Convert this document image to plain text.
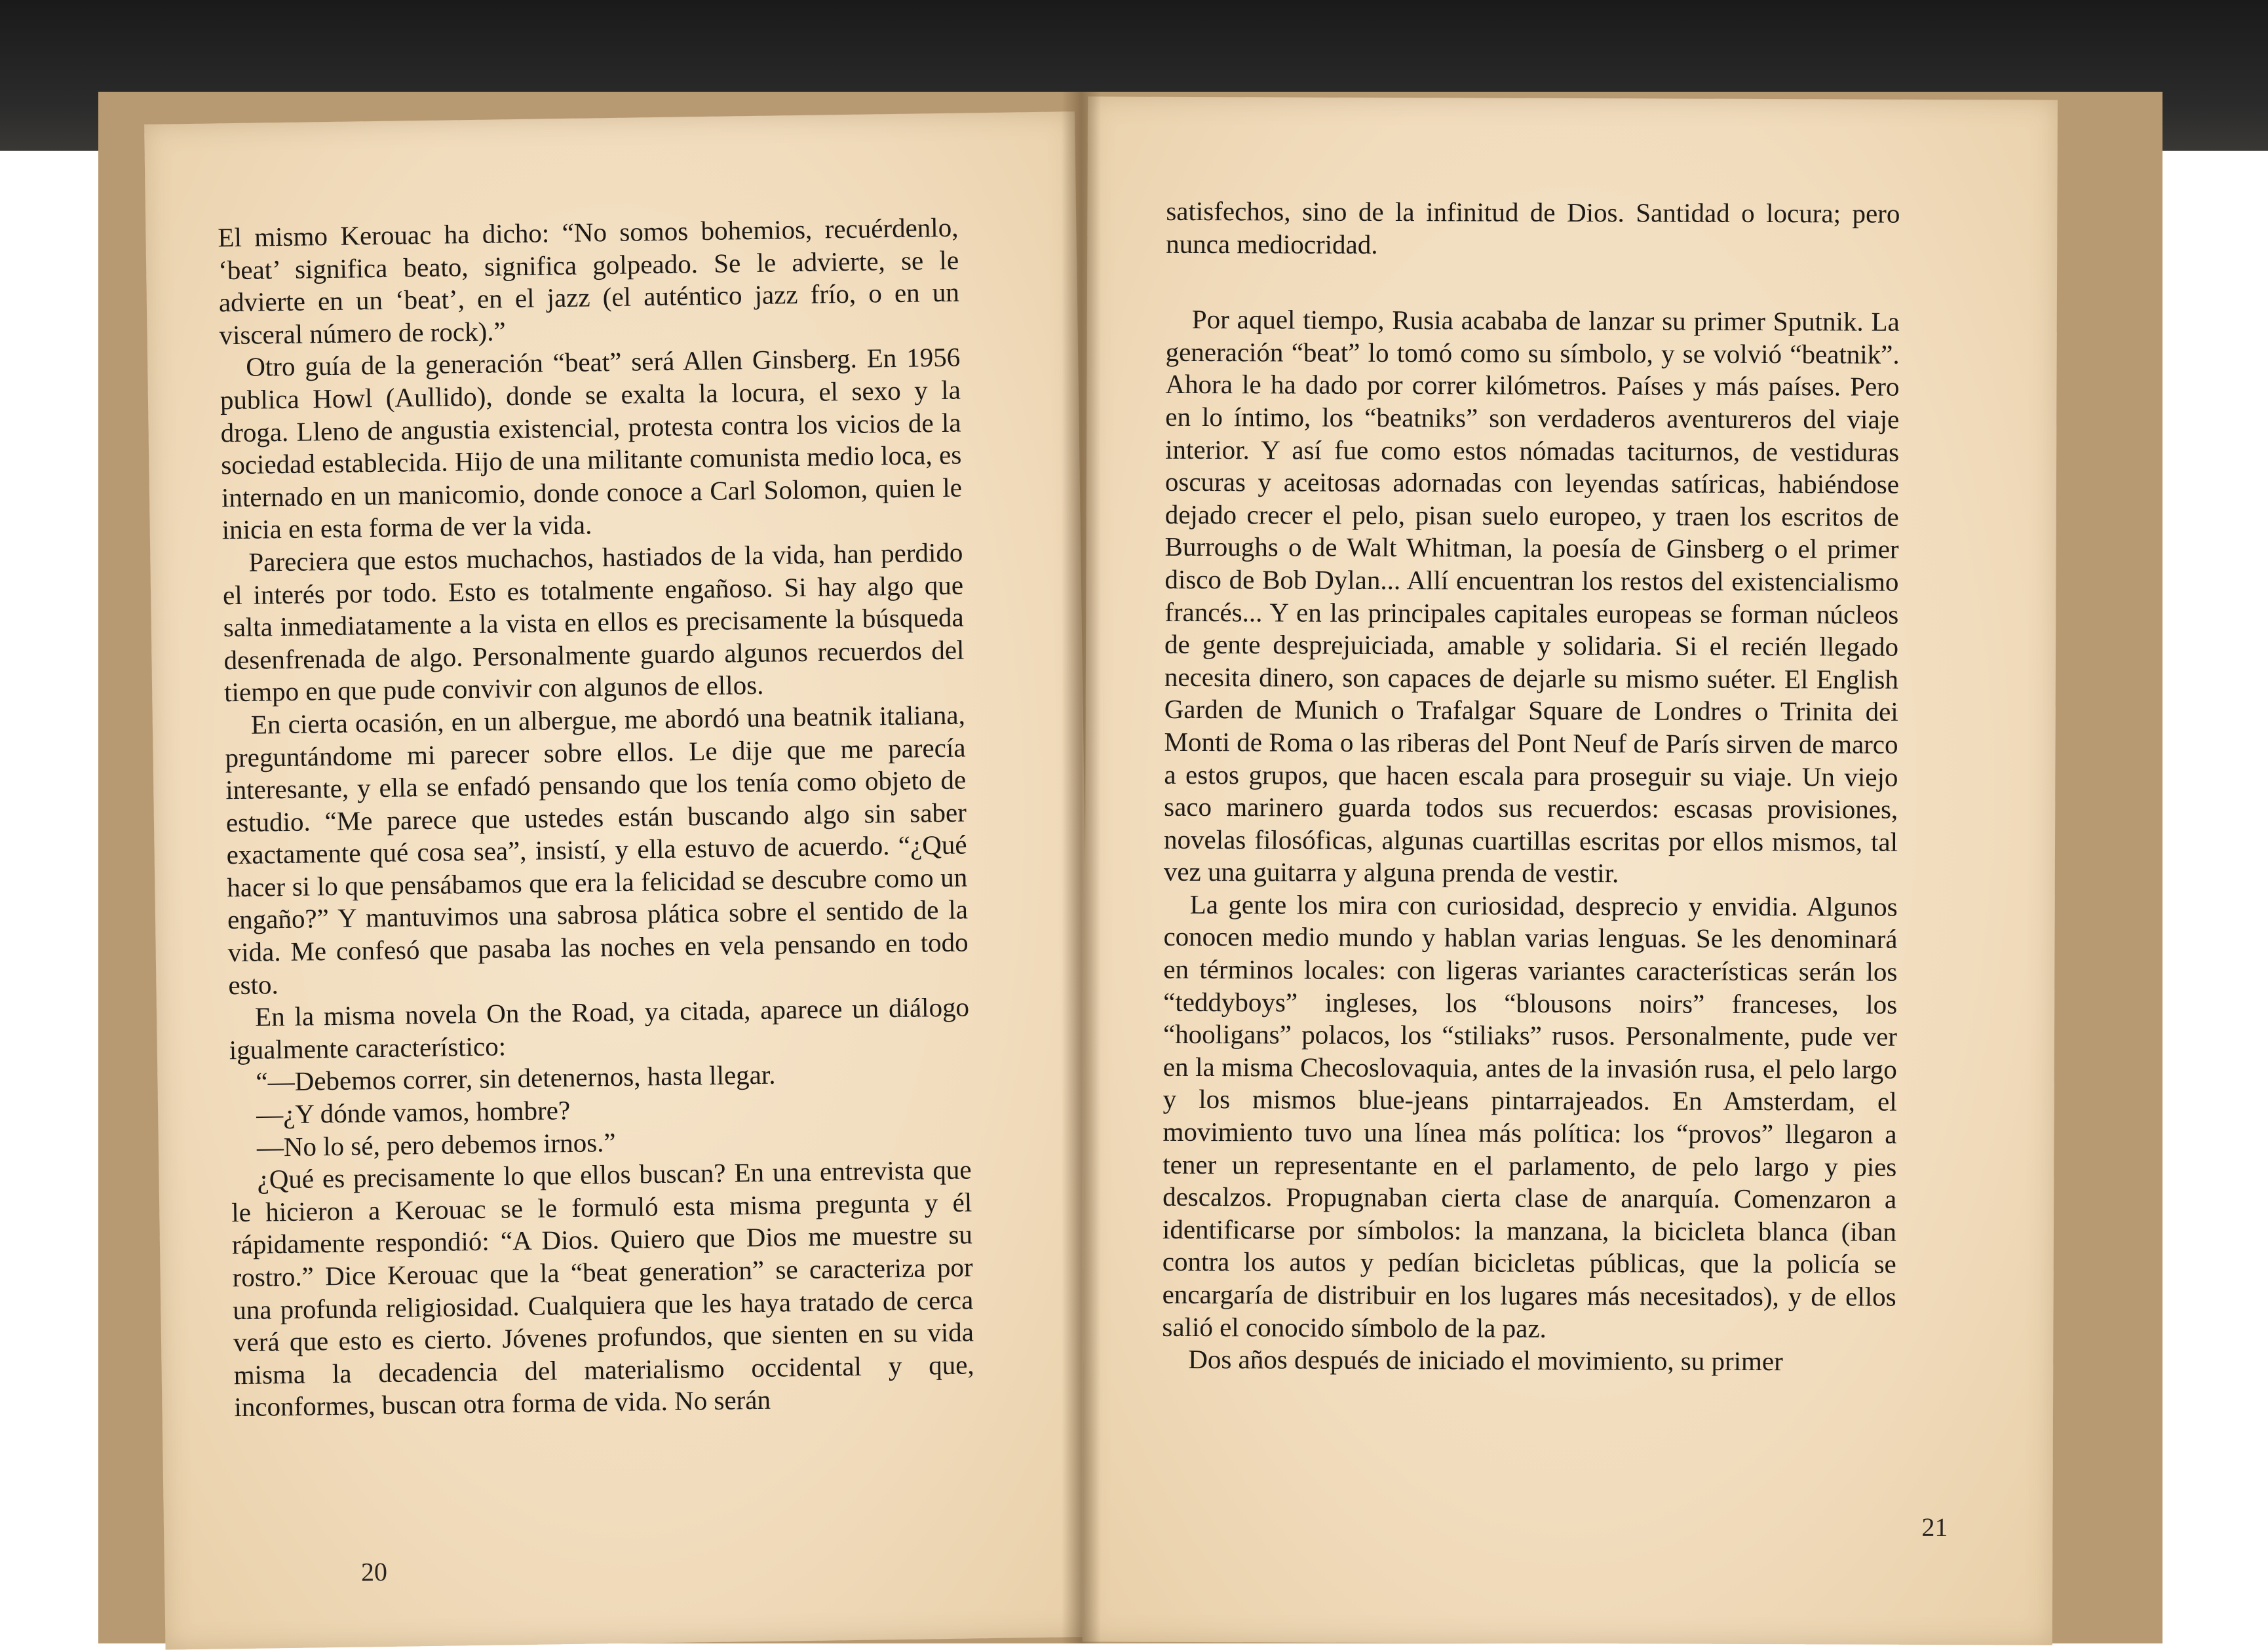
El mismo Kerouac ha dicho: “No somos bohemios, recuérdenlo, ‘beat’ significa beato, significa golpeado. Se le advierte, se le advierte en un ‘beat’, en el jazz (el auténtico jazz frío, o en un visceral número de rock).”

Otro guía de la generación “beat” será Allen Ginsberg. En 1956 publica Howl (Aullido), donde se exalta la locura, el sexo y la droga. Lleno de angustia existencial, protesta contra los vicios de la sociedad establecida. Hijo de una militante comunista medio loca, es internado en un manicomio, donde conoce a Carl Solomon, quien le inicia en esta forma de ver la vida.

Pareciera que estos muchachos, hastiados de la vida, han perdido el interés por todo. Esto es totalmente engañoso. Si hay algo que salta inmediatamente a la vista en ellos es precisamente la búsqueda desenfrenada de algo. Personalmente guardo algunos recuerdos del tiempo en que pude convivir con algunos de ellos.

En cierta ocasión, en un albergue, me abordó una beatnik italiana, preguntándome mi parecer sobre ellos. Le dije que me parecía interesante, y ella se enfadó pensando que los tenía como objeto de estudio. “Me parece que ustedes están buscando algo sin saber exactamente qué cosa sea”, insistí, y ella estuvo de acuerdo. “¿Qué hacer si lo que pensábamos que era la felicidad se descubre como un engaño?” Y mantuvimos una sabrosa plática sobre el sentido de la vida. Me confesó que pasaba las noches en vela pensando en todo esto.

En la misma novela On the Road, ya citada, aparece un diálogo igualmente característico:

“—Debemos correr, sin detenernos, hasta llegar.

—¿Y dónde vamos, hombre?

—No lo sé, pero debemos irnos.”

¿Qué es precisamente lo que ellos buscan? En una entrevista que le hicieron a Kerouac se le formuló esta misma pregunta y él rápidamente respondió: “A Dios. Quiero que Dios me muestre su rostro.” Dice Kerouac que la “beat generation” se caracteriza por una profunda religiosidad. Cualquiera que les haya tratado de cerca verá que esto es cierto. Jóvenes profundos, que sienten en su vida misma la decadencia del materialismo occidental y que, inconformes, buscan otra forma de vida. No serán

20

satisfechos, sino de la infinitud de Dios. Santidad o locura; pero nunca mediocridad.

Por aquel tiempo, Rusia acababa de lanzar su primer Sputnik. La generación “beat” lo tomó como su símbolo, y se volvió “beatnik”. Ahora le ha dado por correr kilómetros. Países y más países. Pero en lo íntimo, los “beatniks” son verdaderos aventureros del viaje interior. Y así fue como estos nómadas taciturnos, de vestiduras oscuras y aceitosas adornadas con leyendas satíricas, habiéndose dejado crecer el pelo, pisan suelo europeo, y traen los escritos de Burroughs o de Walt Whitman, la poesía de Ginsberg o el primer disco de Bob Dylan... Allí encuentran los restos del existencialismo francés... Y en las principales capitales europeas se forman núcleos de gente desprejuiciada, amable y solidaria. Si el recién llegado necesita dinero, son capaces de dejarle su mismo suéter. El English Garden de Munich o Trafalgar Square de Londres o Trinita dei Monti de Roma o las riberas del Pont Neuf de París sirven de marco a estos grupos, que hacen escala para proseguir su viaje. Un viejo saco marinero guarda todos sus recuerdos: escasas provisiones, novelas filosóficas, algunas cuartillas escritas por ellos mismos, tal vez una guitarra y alguna prenda de vestir.

La gente los mira con curiosidad, desprecio y envidia. Algunos conocen medio mundo y hablan varias lenguas. Se les denominará en términos locales: con ligeras variantes características serán los “teddyboys” ingleses, los “blousons noirs” franceses, los “hooligans” polacos, los “stiliaks” rusos. Personalmente, pude ver en la misma Checoslovaquia, antes de la invasión rusa, el pelo largo y los mismos blue-jeans pintarrajeados. En Amsterdam, el movimiento tuvo una línea más política: los “provos” llegaron a tener un representante en el parlamento, de pelo largo y pies descalzos. Propugnaban cierta clase de anarquía. Comenzaron a identificarse por símbolos: la manzana, la bicicleta blanca (iban contra los autos y pedían bicicletas públicas, que la policía se encargaría de distribuir en los lugares más necesitados), y de ellos salió el conocido símbolo de la paz.

Dos años después de iniciado el movimiento, su primer

21
